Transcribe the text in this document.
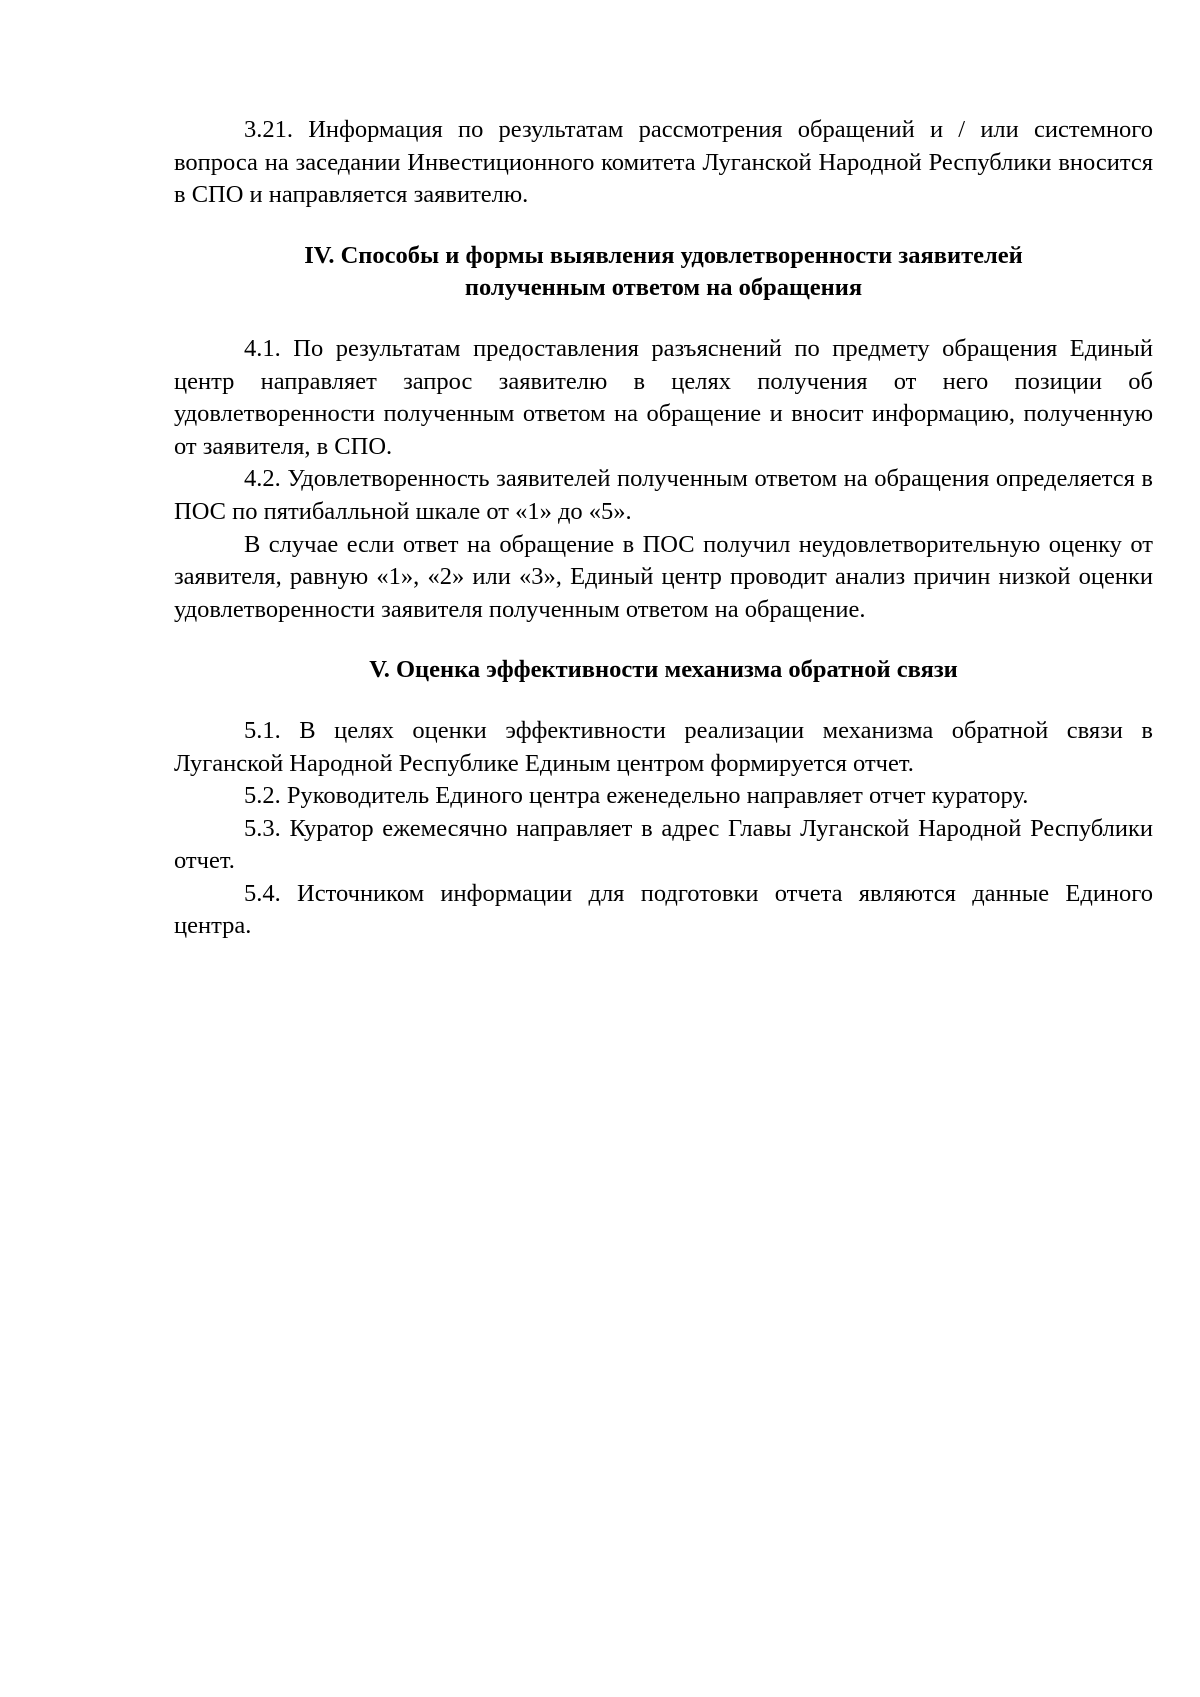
3.21. Информация по результатам рассмотрения обращений и / или системного вопроса на заседании Инвестиционного комитета Луганской Народной Республики вносится в СПО и направляется заявителю.

IV. Способы и формы выявления удовлетворенности заявителей
полученным ответом на обращения

4.1. По результатам предоставления разъяснений по предмету обращения Единый центр направляет запрос заявителю в целях получения от него позиции об удовлетворенности полученным ответом на обращение и вносит информацию, полученную от заявителя, в СПО.

4.2. Удовлетворенность заявителей полученным ответом на обращения определяется в ПОС по пятибалльной шкале от «1» до «5».

В случае если ответ на обращение в ПОС получил неудовлетворительную оценку от заявителя, равную «1», «2» или «3», Единый центр проводит анализ причин низкой оценки удовлетворенности заявителя полученным ответом на обращение.

V. Оценка эффективности механизма обратной связи

5.1. В целях оценки эффективности реализации механизма обратной связи в Луганской Народной Республике Единым центром формируется отчет.

5.2. Руководитель Единого центра еженедельно направляет отчет куратору.

5.3. Куратор ежемесячно направляет в адрес Главы Луганской Народной Республики отчет.

5.4. Источником информации для подготовки отчета являются данные Единого центра.
